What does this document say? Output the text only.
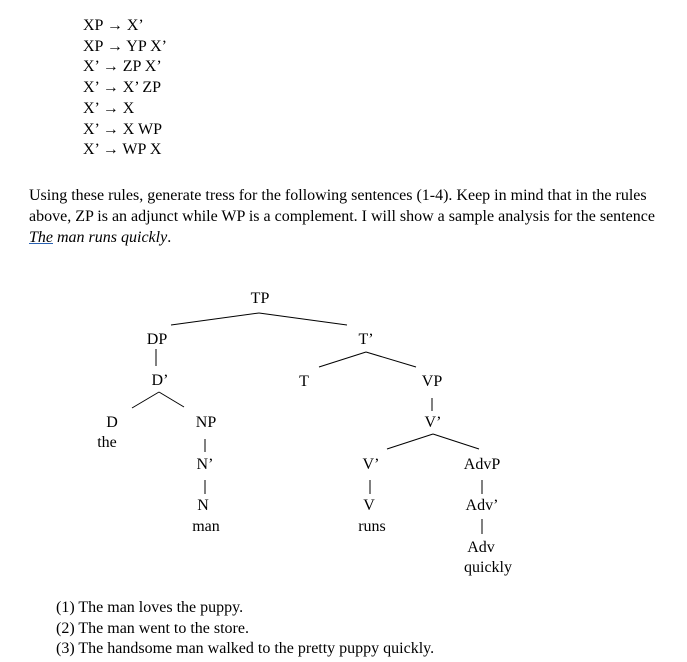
XP → X’
XP → YP X’
X’ → ZP X’
X’ → X’ ZP
X’ → X
X’ → X WP
X’ → WP X
Using these rules, generate tress for the following sentences (1-4). Keep in mind that in the rules above, ZP is an adjunct while WP is a complement. I will show a sample analysis for the sentence The man runs quickly.
TP
DP
D’
D
the
NP
N’
N
man
T’
T	VP
V’
V’
V
runs
AdvP
Adv’
Adv
quickly
(1) The man loves the puppy.
(2) The man went to the store.
(3) The handsome man walked to the pretty puppy quickly.
